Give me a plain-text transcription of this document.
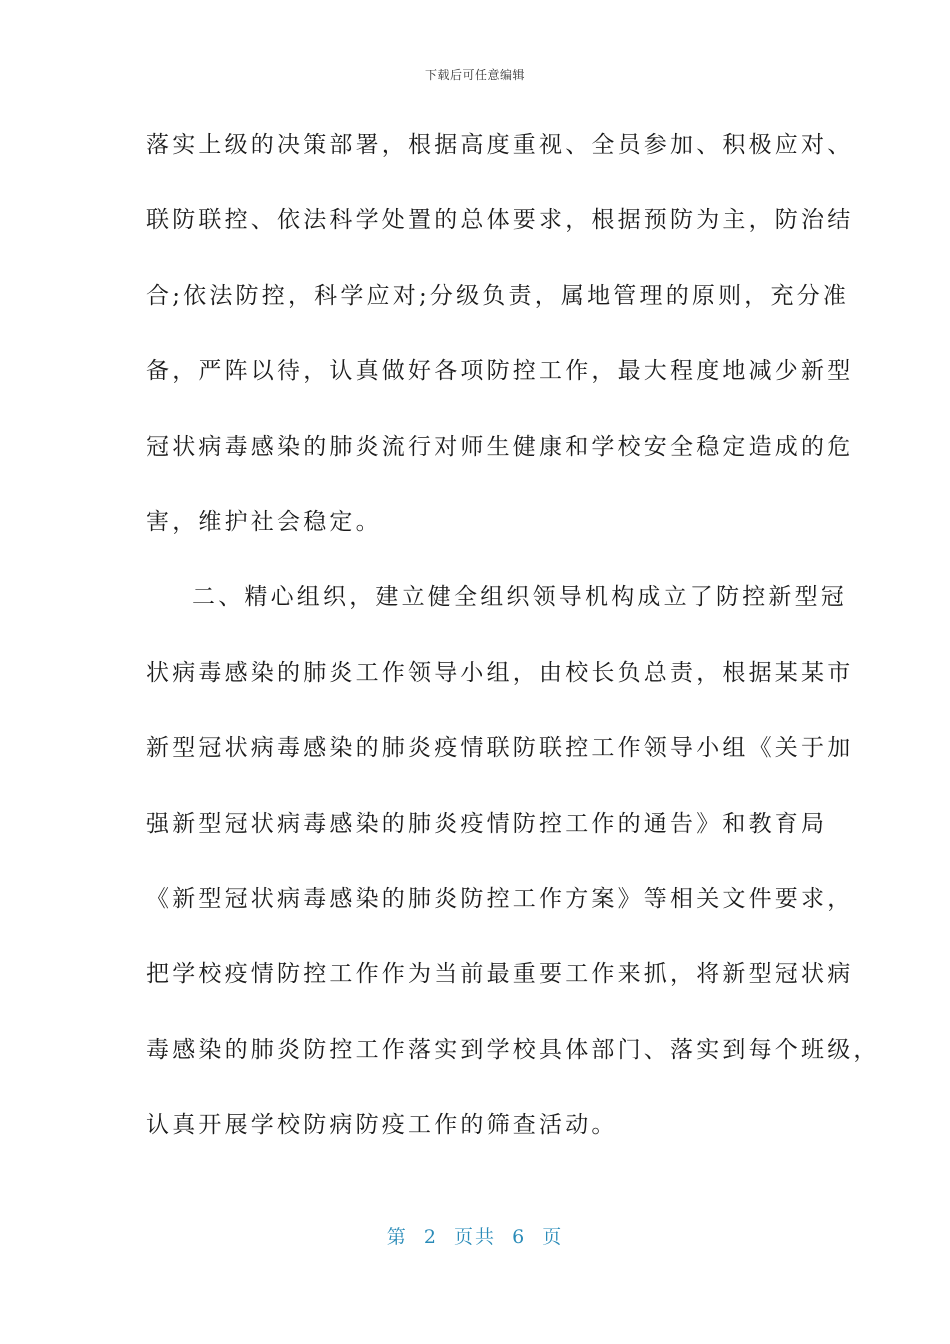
下载后可任意编辑
落实上级的决策部署，根据高度重视、全员参加、积极应对、
联防联控、依法科学处置的总体要求，根据预防为主，防治结
合;依法防控，科学应对;分级负责，属地管理的原则，充分准
备，严阵以待，认真做好各项防控工作，最大程度地减少新型
冠状病毒感染的肺炎流行对师生健康和学校安全稳定造成的危
害，维护社会稳定。
二、精心组织，建立健全组织领导机构成立了防控新型冠
状病毒感染的肺炎工作领导小组，由校长负总责，根据某某市
新型冠状病毒感染的肺炎疫情联防联控工作领导小组《关于加
强新型冠状病毒感染的肺炎疫情防控工作的通告》和教育局
《新型冠状病毒感染的肺炎防控工作方案》等相关文件要求，
把学校疫情防控工作作为当前最重要工作来抓，将新型冠状病
毒感染的肺炎防控工作落实到学校具体部门、落实到每个班级，
认真开展学校防病防疫工作的筛查活动。
第  2  页共  6  页
